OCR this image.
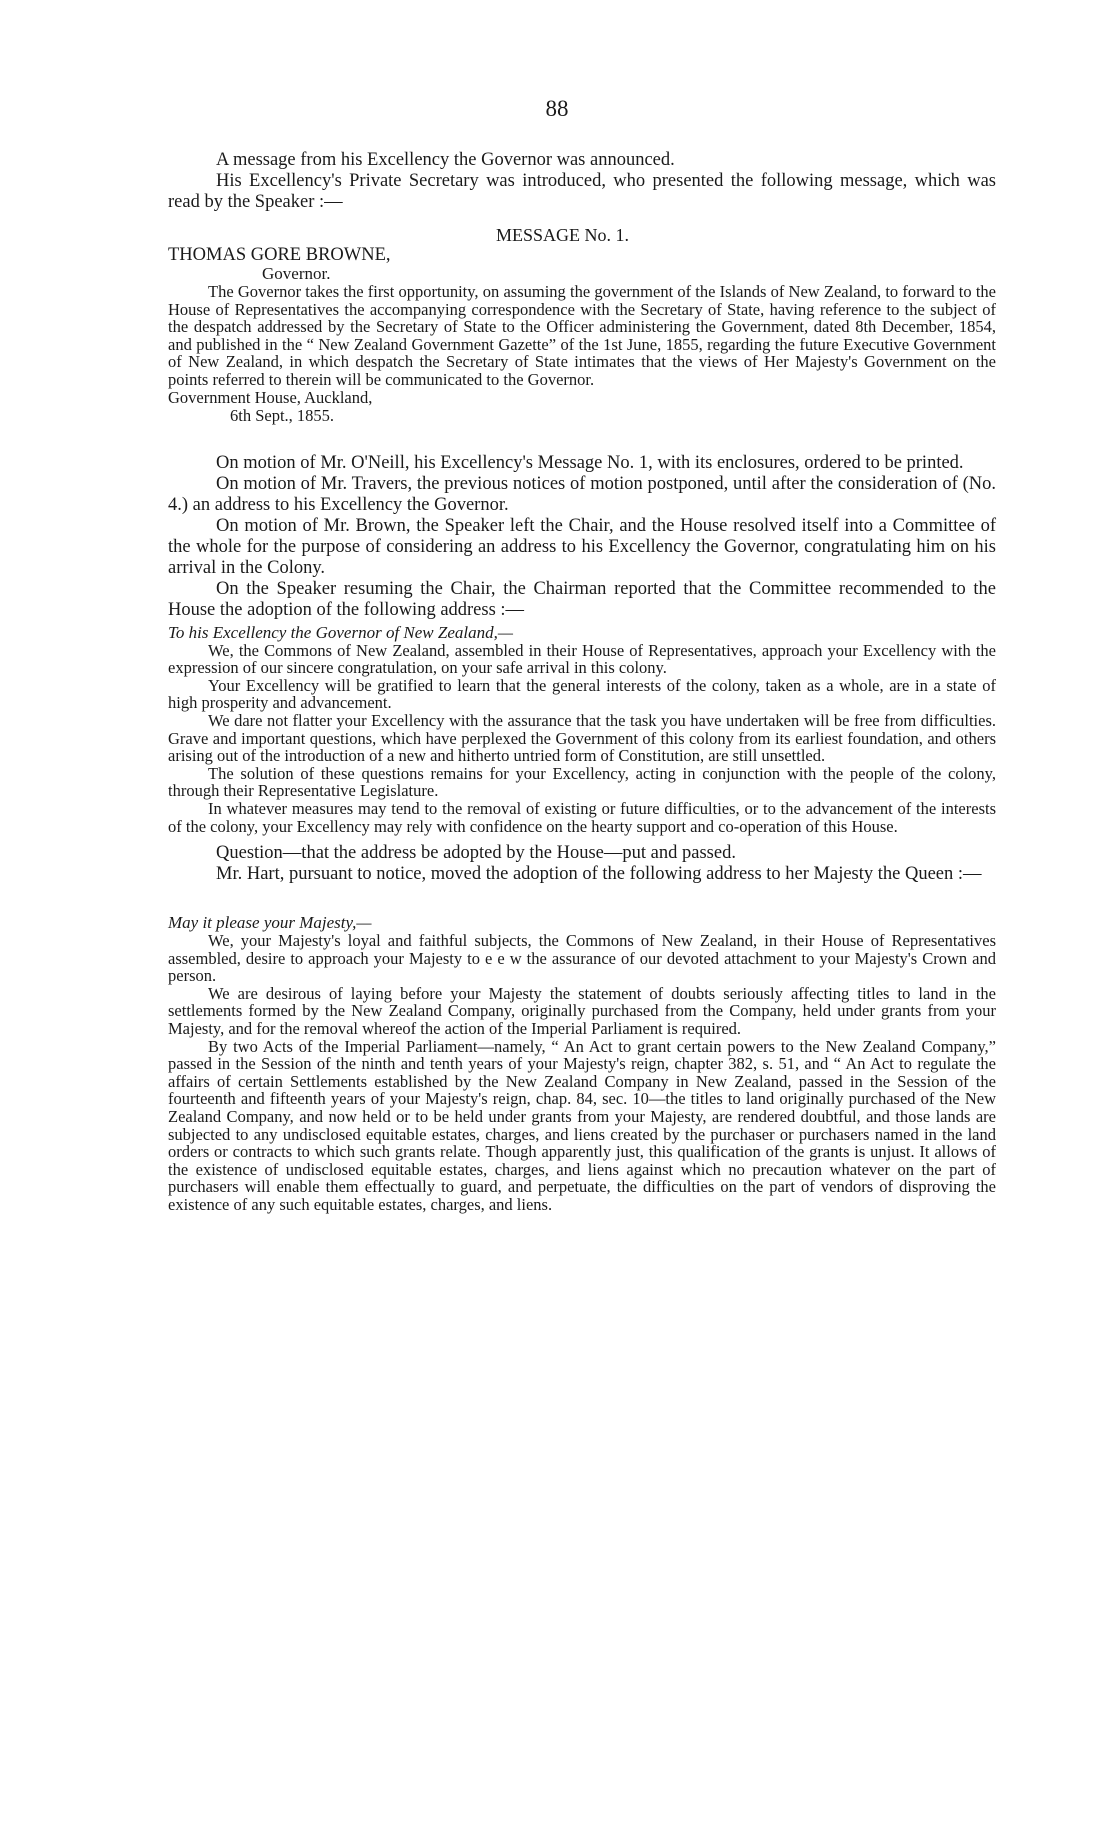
88

A message from his Excellency the Governor was announced.

His Excellency's Private Secretary was introduced, who presented the following message, which was read by the Speaker :—

MESSAGE No. 1.
THOMAS GORE BROWNE,
Governor.

The Governor takes the first opportunity, on assuming the government of the Islands of New Zealand, to forward to the House of Representatives the accompanying correspondence with the Secretary of State, having reference to the subject of the despatch addressed by the Secretary of State to the Officer administering the Government, dated 8th December, 1854, and published in the “ New Zealand Government Gazette” of the 1st June, 1855, regarding the future Executive Government of New Zealand, in which despatch the Secretary of State intimates that the views of Her Majesty's Government on the points referred to therein will be communicated to the Governor.

Government House, Auckland,
6th Sept., 1855.

On motion of Mr. O'Neill, his Excellency's Message No. 1, with its enclosures, ordered to be printed.

On motion of Mr. Travers, the previous notices of motion postponed, until after the consideration of (No. 4.) an address to his Excellency the Governor.

On motion of Mr. Brown, the Speaker left the Chair, and the House resolved itself into a Committee of the whole for the purpose of considering an address to his Excellency the Governor, congratulating him on his arrival in the Colony.

On the Speaker resuming the Chair, the Chairman reported that the Committee recommended to the House the adoption of the following address :—

To his Excellency the Governor of New Zealand,—

We, the Commons of New Zealand, assembled in their House of Representatives, approach your Excellency with the expression of our sincere congratulation, on your safe arrival in this colony.

Your Excellency will be gratified to learn that the general interests of the colony, taken as a whole, are in a state of high prosperity and advancement.

We dare not flatter your Excellency with the assurance that the task you have undertaken will be free from difficulties. Grave and important questions, which have perplexed the Government of this colony from its earliest foundation, and others arising out of the introduction of a new and hitherto untried form of Constitution, are still unsettled.

The solution of these questions remains for your Excellency, acting in conjunction with the people of the colony, through their Representative Legislature.

In whatever measures may tend to the removal of existing or future difficulties, or to the advancement of the interests of the colony, your Excellency may rely with confidence on the hearty support and co-operation of this House.

Question—that the address be adopted by the House—put and passed.

Mr. Hart, pursuant to notice, moved the adoption of the following address to her Majesty the Queen :—

May it please your Majesty,—

We, your Majesty's loyal and faithful subjects, the Commons of New Zealand, in their House of Representatives assembled, desire to approach your Majesty to e e w the assurance of our devoted attachment to your Majesty's Crown and person.

We are desirous of laying before your Majesty the statement of doubts seriously affecting titles to land in the settlements formed by the New Zealand Company, originally purchased from the Company, held under grants from your Majesty, and for the removal whereof the action of the Imperial Parliament is required.

By two Acts of the Imperial Parliament—namely, “ An Act to grant certain powers to the New Zealand Company,” passed in the Session of the ninth and tenth years of your Majesty's reign, chapter 382, s. 51, and “ An Act to regulate the affairs of certain Settlements established by the New Zealand Company in New Zealand, passed in the Session of the fourteenth and fifteenth years of your Majesty's reign, chap. 84, sec. 10—the titles to land originally purchased of the New Zealand Company, and now held or to be held under grants from your Majesty, are rendered doubtful, and those lands are subjected to any undisclosed equitable estates, charges, and liens created by the purchaser or purchasers named in the land orders or contracts to which such grants relate. Though apparently just, this qualification of the grants is unjust. It allows of the existence of undisclosed equitable estates, charges, and liens against which no precaution whatever on the part of purchasers will enable them effectually to guard, and perpetuate, the difficulties on the part of vendors of disproving the existence of any such equitable estates, charges, and liens.
